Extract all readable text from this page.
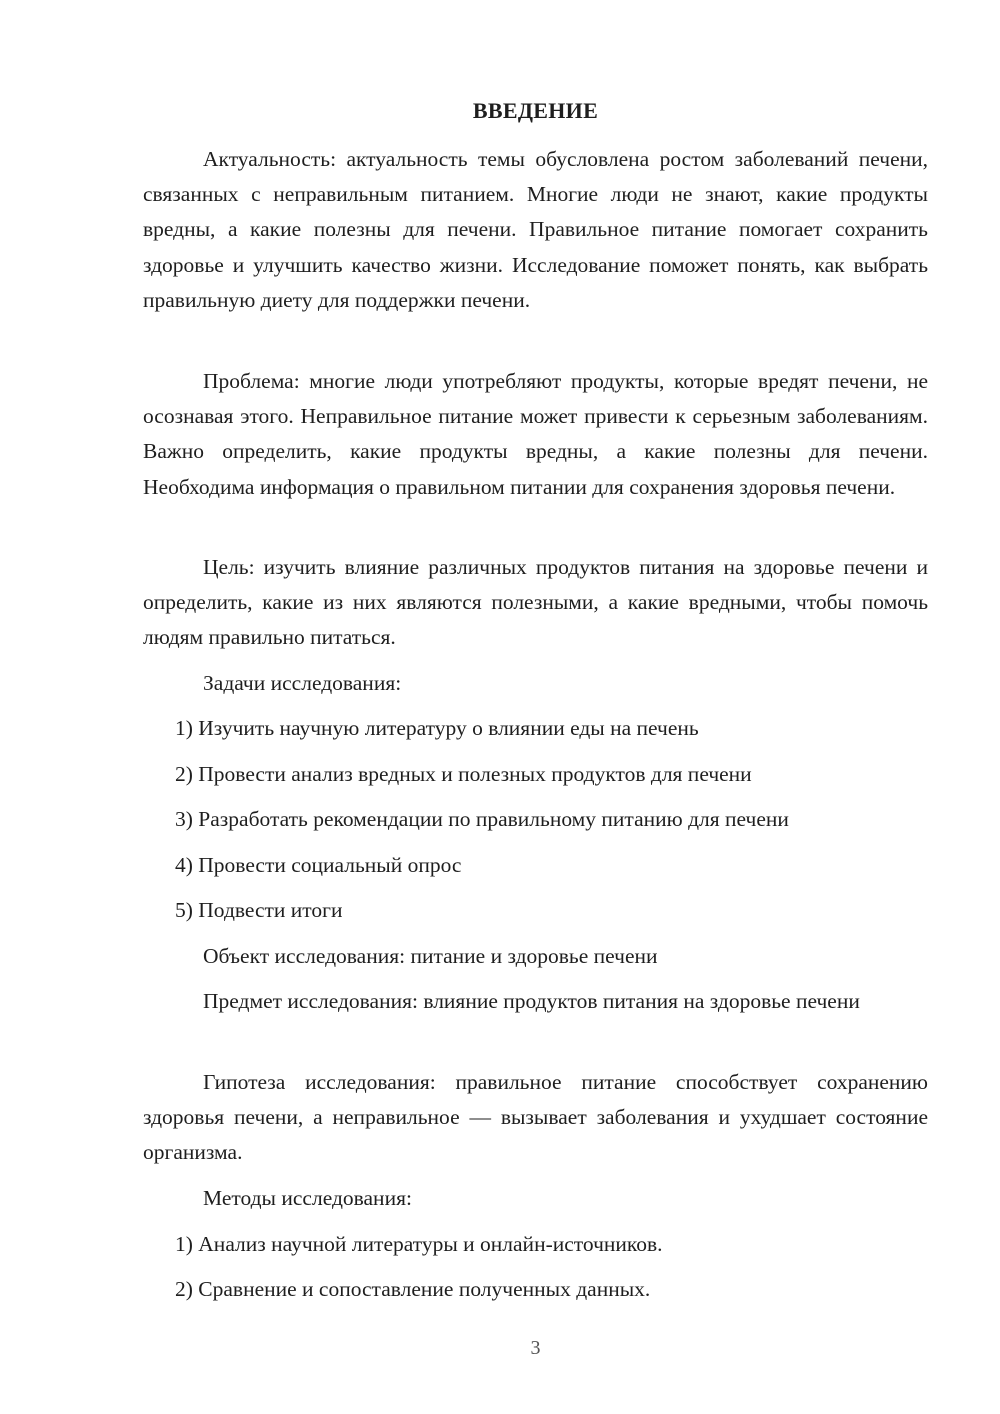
ВВЕДЕНИЕ

Актуальность: актуальность темы обусловлена ростом заболеваний печени, связанных с неправильным питанием. Многие люди не знают, какие продукты вредны, а какие полезны для печени. Правильное питание помогает сохранить здоровье и улучшить качество жизни. Исследование поможет понять, как выбрать правильную диету для поддержки печени.

Проблема: многие люди употребляют продукты, которые вредят печени, не осознавая этого. Неправильное питание может привести к серьезным заболеваниям. Важно определить, какие продукты вредны, а какие полезны для печени. Необходима информация о правильном питании для сохранения здоровья печени.

Цель: изучить влияние различных продуктов питания на здоровье печени и определить, какие из них являются полезными, а какие вредными, чтобы помочь людям правильно питаться.

Задачи исследования:

1) Изучить научную литературу о влиянии еды на печень

2) Провести анализ вредных и полезных продуктов для печени

3) Разработать рекомендации по правильному питанию для печени

4) Провести социальный опрос

5) Подвести итоги

Объект исследования: питание и здоровье печени

Предмет исследования: влияние продуктов питания на здоровье печени

Гипотеза исследования: правильное питание способствует сохранению здоровья печени, а неправильное — вызывает заболевания и ухудшает состояние организма.

Методы исследования:

1) Анализ научной литературы и онлайн-источников.

2) Сравнение и сопоставление полученных данных.

3
